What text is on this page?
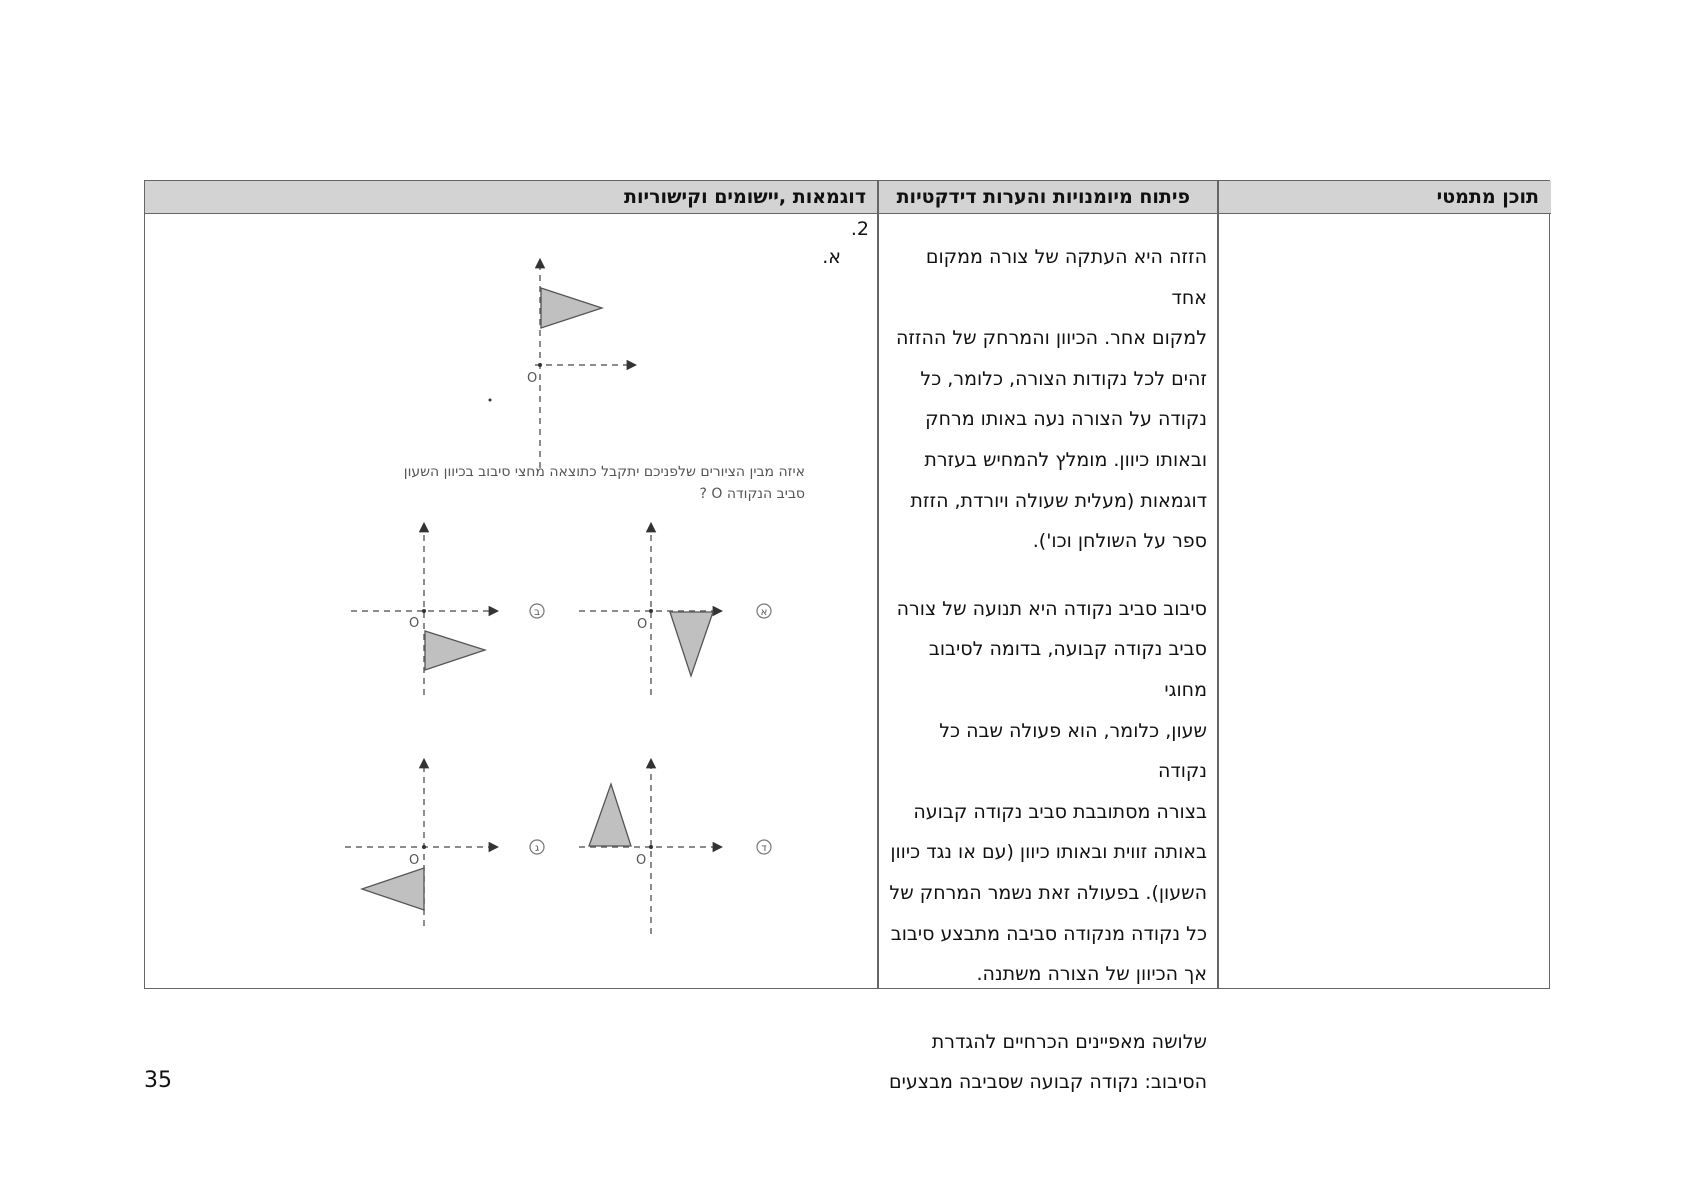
תוכן מתמטי
פיתוח מיומנויות והערות דידקטיות
דוגמאות ,יישומים וקישוריות
הזזה היא העתקה של צורה ממקום אחד
למקום אחר. הכיוון והמרחק של ההזזה
זהים לכל נקודות הצורה, כלומר, כל
נקודה על הצורה נעה באותו מרחק
ובאותו כיוון. מומלץ להמחיש בעזרת
דוגמאות (מעלית שעולה ויורדת, הזזת
ספר על השולחן וכו').
סיבוב סביב נקודה היא תנועה של צורה
סביב נקודה קבועה, בדומה לסיבוב מחוגי
שעון, כלומר, הוא פעולה שבה כל נקודה
בצורה מסתובבת סביב נקודה קבועה
באותה זווית ובאותו כיוון (עם או נגד כיוון
השעון). בפעולה זאת נשמר המרחק של
כל נקודה מנקודה סביבה מתבצע סיבוב
אך הכיוון של הצורה משתנה.
שלושה מאפיינים הכרחיים להגדרת
הסיבוב: נקודה קבועה שסביבה מבצעים
2.
א.
איזה מבין הציורים שלפניכם יתקבל כתוצאה מחצי סיבוב בכיוון השעון
סביב הנקודה O ?
O
O
א
O
ב
O
ד
O
ג
35
